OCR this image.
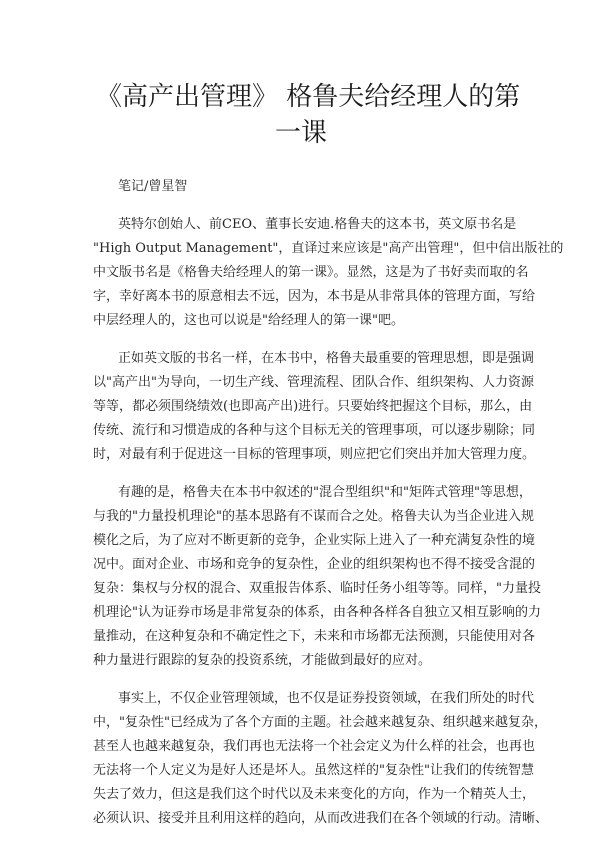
《高产出管理》 格鲁夫给经理人的第
一课
笔记/曾星智
英特尔创始人、前CEO、董事长安迪.格鲁夫的这本书，英文原书名是
"High Output Management"，直译过来应该是"高产出管理"，但中信出版社的
中文版书名是《格鲁夫给经理人的第一课》。显然，这是为了书好卖而取的名
字，幸好离本书的原意相去不远，因为，本书是从非常具体的管理方面，写给
中层经理人的，这也可以说是"给经理人的第一课"吧。
正如英文版的书名一样，在本书中，格鲁夫最重要的管理思想，即是强调
以"高产出"为导向，一切生产线、管理流程、团队合作、组织架构、人力资源
等等，都必须围绕绩效(也即高产出)进行。只要始终把握这个目标，那么，由
传统、流行和习惯造成的各种与这个目标无关的管理事项，可以逐步剔除；同
时，对最有利于促进这一目标的管理事项，则应把它们突出并加大管理力度。
有趣的是，格鲁夫在本书中叙述的"混合型组织"和"矩阵式管理"等思想，
与我的"力量投机理论"的基本思路有不谋而合之处。格鲁夫认为当企业进入规
模化之后，为了应对不断更新的竞争，企业实际上进入了一种充满复杂性的境
况中。面对企业、市场和竞争的复杂性，企业的组织架构也不得不接受含混的
复杂：集权与分权的混合、双重报告体系、临时任务小组等等。同样，"力量投
机理论"认为证券市场是非常复杂的体系，由各种各样各自独立又相互影响的力
量推动，在这种复杂和不确定性之下，未来和市场都无法预测，只能使用对各
种力量进行跟踪的复杂的投资系统，才能做到最好的应对。
事实上，不仅企业管理领域，也不仅是证券投资领域，在我们所处的时代
中，"复杂性"已经成为了各个方面的主题。社会越来越复杂、组织越来越复杂，
甚至人也越来越复杂，我们再也无法将一个社会定义为什么样的社会，也再也
无法将一个人定义为是好人还是坏人。虽然这样的"复杂性"让我们的传统智慧
失去了效力，但这是我们这个时代以及未来变化的方向，作为一个精英人士，
必须认识、接受并且利用这样的趋向，从而改进我们在各个领域的行动。清晰、
